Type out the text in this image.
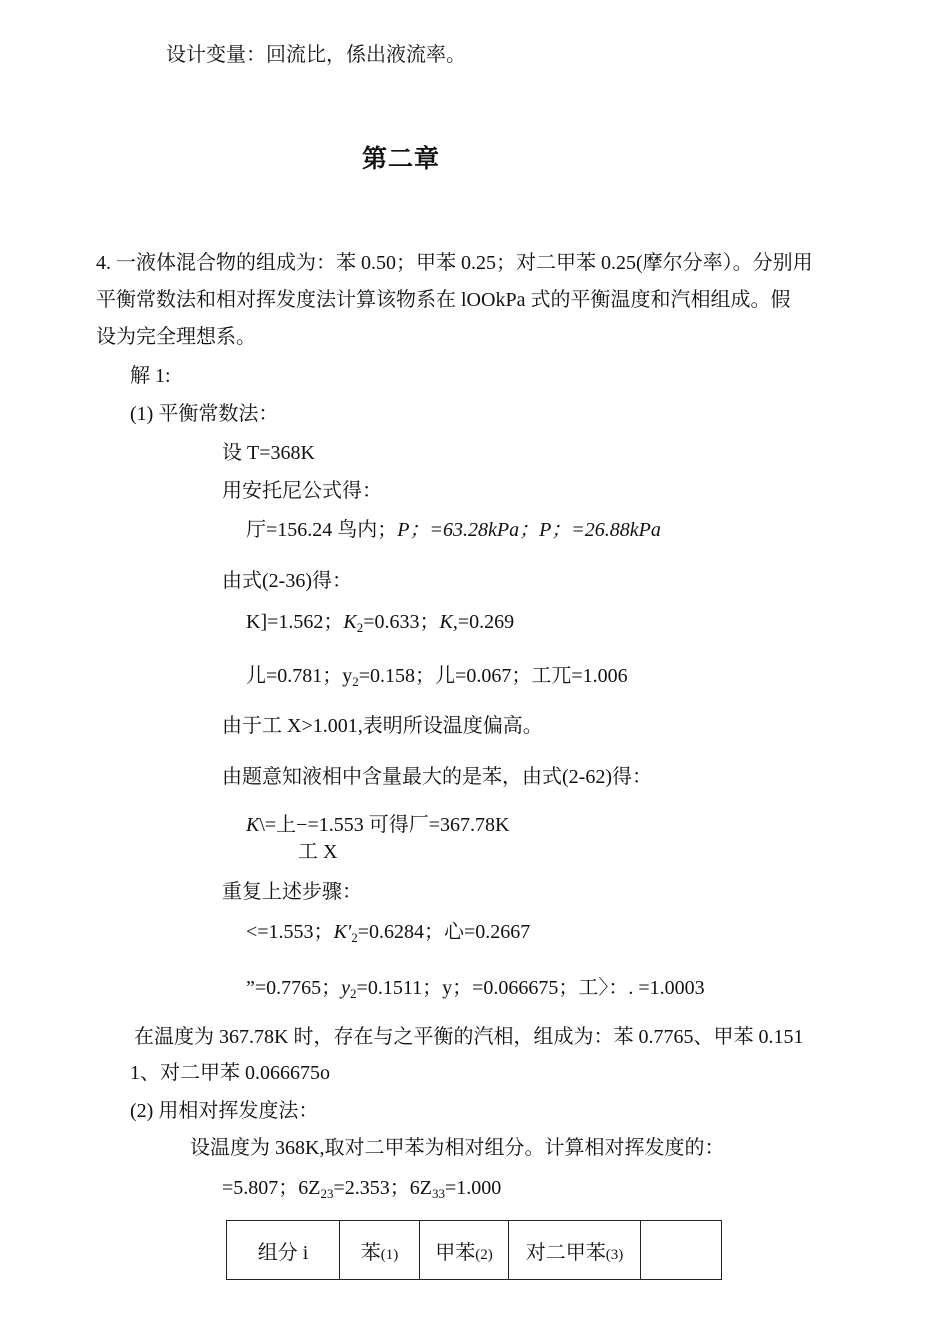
设计变量：回流比，係出液流率。
第二章
4. 一液体混合物的组成为：苯 0.50；甲苯 0.25；对二甲苯 0.25(摩尔分率）。分别用
平衡常数法和相对挥发度法计算该物系在 lOOkPa 式的平衡温度和汽相组成。假
设为完全理想系。
解 1:
(1) 平衡常数法：
设 T=368K
用安托尼公式得：
厅=156.24 鸟内；P；=63.28kPa；P；=26.88kPa
由式(2-36)得：
K]=1.562；$K_2=0.633$；K,=0.269
儿=0.781；$y_2=0.158$；儿=0.067；工兀=1.006
由于工 X>1.001,表明所设温度偏高。
由题意知液相中含量最大的是苯，由式(2-62)得：
K\=上−=1.553 可得厂=367.78K
工 X
重复上述步骤：
<=1.553；$K'_2=0.6284$；心=0.2667
”=0.7765；$y_2=0.1511$；y；=0.066675；工〉：. =1.0003
在温度为 367.78K 时，存在与之平衡的汽相，组成为：苯 0.7765、甲苯 0.151
1、对二甲苯 0.066675o
(2) 用相对挥发度法：
设温度为 368K,取对二甲苯为相对组分。计算相对挥发度的：
=5.807；$6Z_{23}=2.353$；$6Z_{33}=1.000$
组分 i	苯(1)	甲苯(2)	对二甲苯(3)	
